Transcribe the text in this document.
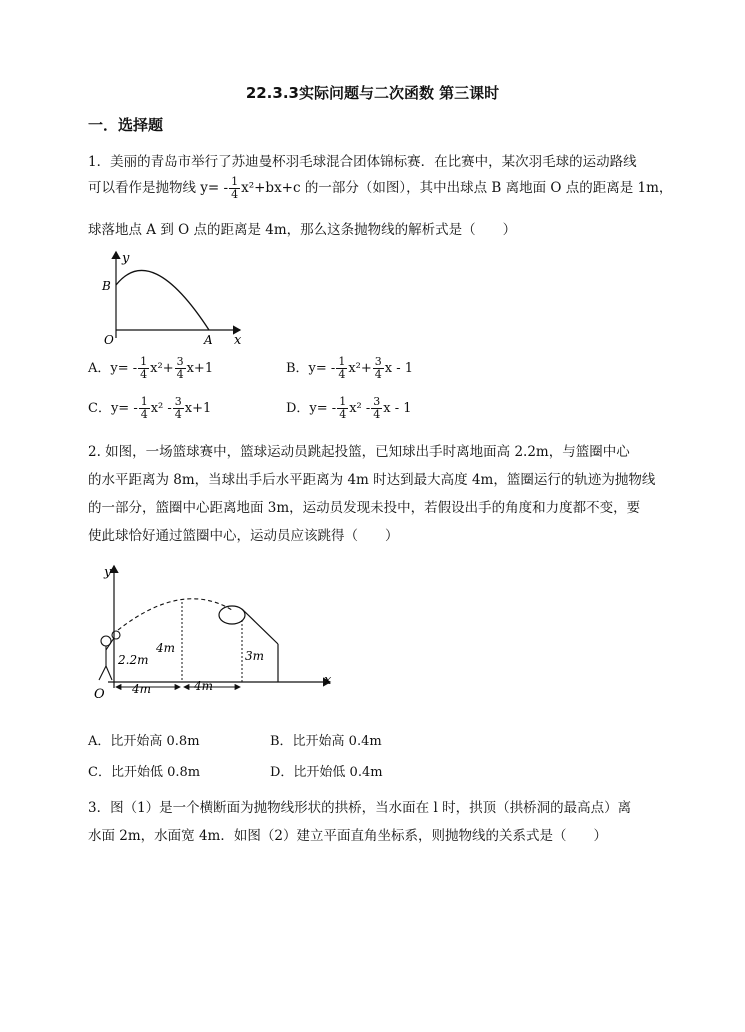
22.3.3实际问题与二次函数 第三课时
一．选择题
1．美丽的青岛市举行了苏迪曼杯羽毛球混合团体锦标赛．在比赛中，某次羽毛球的运动路线
可以看作是抛物线 $y= - \frac{1}{4} x^2+bx+c$ 的一部分（如图），其中出球点 B 离地面 O 点的距离是 1m，
球落地点 A 到 O 点的距离是 4m，那么这条抛物线的解析式是（　　）
y
B
O	A x
A．$y= - \frac{1}{4} x^2+ \frac{3}{4} x+1$	B．$y= - \frac{1}{4} x^2+ \frac{3}{4}$ x - 1
C．$y= - \frac{1}{4} x^2 - \frac{3}{4} x+1$	D．$y= - \frac{1}{4} x^2 - \frac{3}{4}$ x - 1
2. 如图，一场篮球赛中，篮球运动员跳起投篮，已知球出手时离地面高 2.2m，与篮圈中心
的水平距离为 8m，当球出手后水平距离为 4m 时达到最大高度 4m，篮圈运行的轨迹为抛物线
的一部分，篮圈中心距离地面 3m，运动员发现未投中，若假设出手的角度和力度都不变，要
使此球恰好通过篮圈中心，运动员应该跳得（　　）
y
x
O
2.2m
4m
3m
4m	4m
A．比开始高 0.8m	B．比开始高 0.4m
C．比开始低 0.8m	D．比开始低 0.4m
3．图（1）是一个横断面为抛物线形状的拱桥，当水面在 l 时，拱顶（拱桥洞的最高点）离
水面 2m，水面宽 4m．如图（2）建立平面直角坐标系，则抛物线的关系式是（　　）
